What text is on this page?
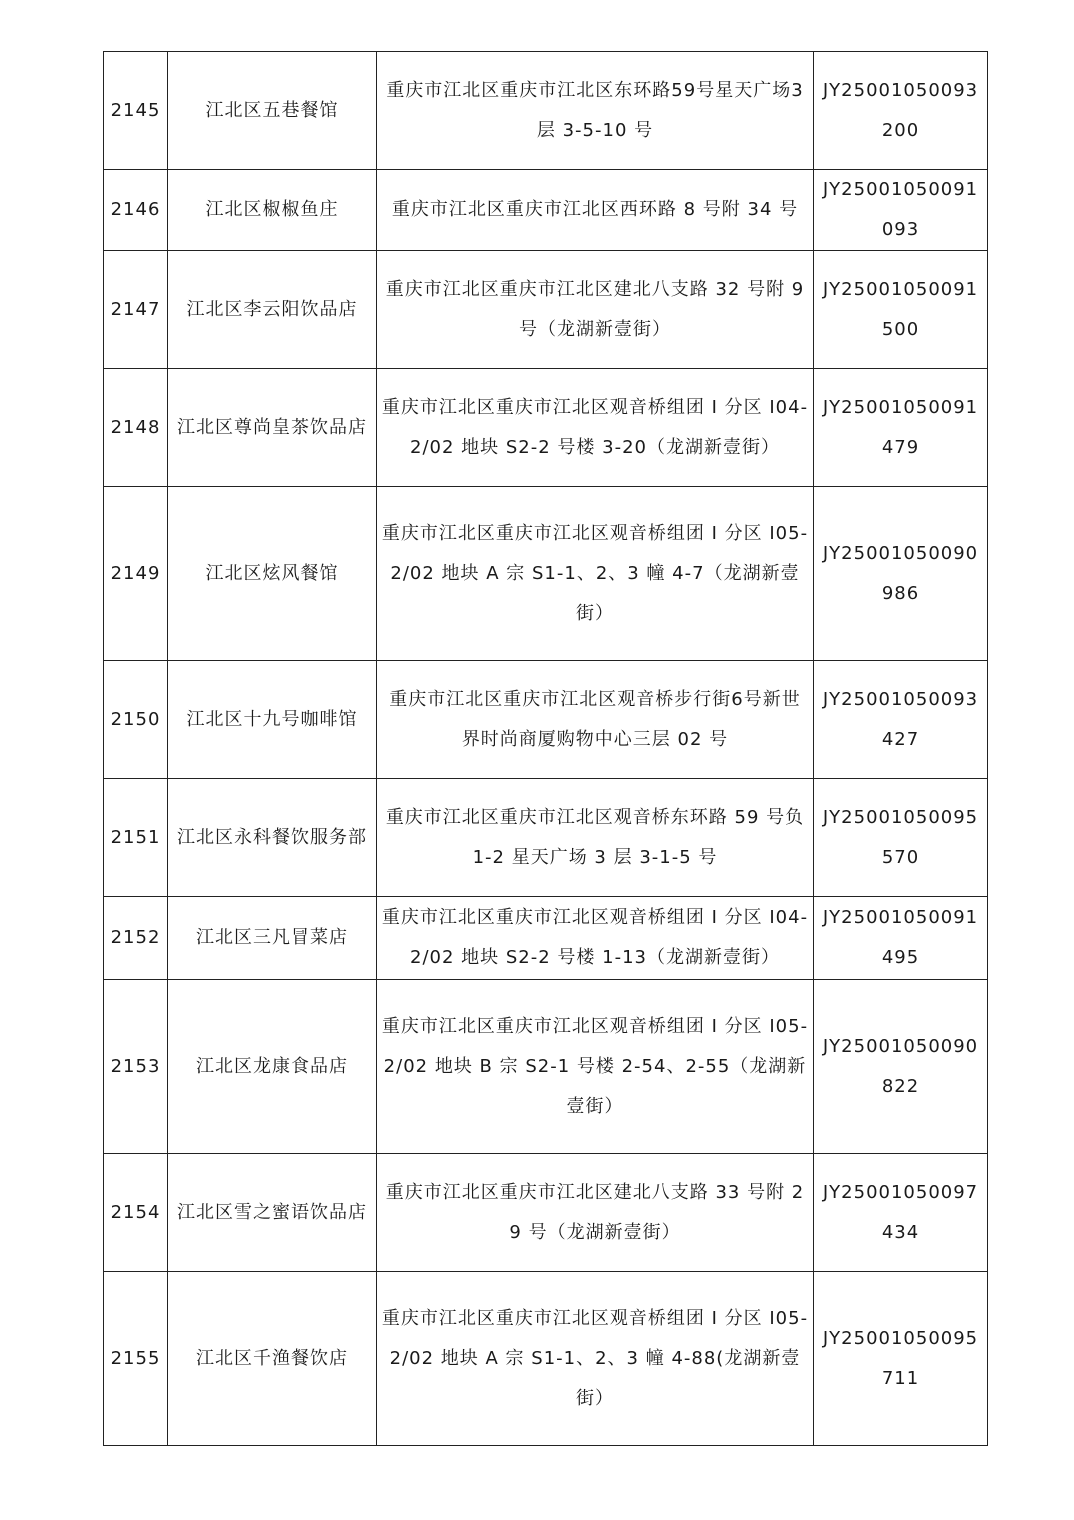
2145	江北区五巷餐馆	重庆市江北区重庆市江北区东环路59号星天广场3层 3-5-10 号	JY25001050093200
2146	江北区椒椒鱼庄	重庆市江北区重庆市江北区西环路 8 号附 34 号	JY25001050091093
2147	江北区李云阳饮品店	重庆市江北区重庆市江北区建北八支路 32 号附 9 号（龙湖新壹街）	JY25001050091500
2148	江北区尊尚皇茶饮品店	重庆市江北区重庆市江北区观音桥组团 I 分区 I04-2/02 地块 S2-2 号楼 3-20（龙湖新壹街）	JY25001050091479
2149	江北区炫风餐馆	重庆市江北区重庆市江北区观音桥组团 I 分区 I05-2/02 地块 A 宗 S1-1、2、3 幢 4-7（龙湖新壹街）	JY25001050090986
2150	江北区十九号咖啡馆	重庆市江北区重庆市江北区观音桥步行街6号新世界时尚商厦购物中心三层 02 号	JY25001050093427
2151	江北区永科餐饮服务部	重庆市江北区重庆市江北区观音桥东环路 59 号负 1-2 星天广场 3 层 3-1-5 号	JY25001050095570
2152	江北区三凡冒菜店	重庆市江北区重庆市江北区观音桥组团 I 分区 I04-2/02 地块 S2-2 号楼 1-13（龙湖新壹街）	JY25001050091495
2153	江北区龙康食品店	重庆市江北区重庆市江北区观音桥组团 I 分区 I05-2/02 地块 B 宗 S2-1 号楼 2-54、2-55（龙湖新壹街）	JY25001050090822
2154	江北区雪之蜜语饮品店	重庆市江北区重庆市江北区建北八支路 33 号附 29 号（龙湖新壹街）	JY25001050097434
2155	江北区千渔餐饮店	重庆市江北区重庆市江北区观音桥组团 I 分区 I05-2/02 地块 A 宗 S1-1、2、3 幢 4-88(龙湖新壹街）	JY25001050095711
